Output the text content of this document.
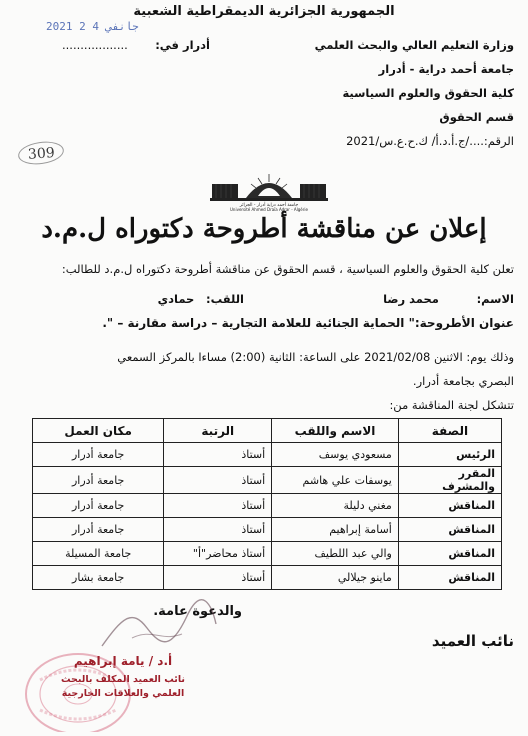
الجمهورية الجزائرية الديمقراطية الشعبية
2021 2 4 جانفي
وزارة التعليم العالي والبحث العلمي
أدرار في:
..................
جامعة أحمد دراية - أدرار
كلية الحقوق والعلوم السياسية
قسم الحقوق
الرقم:..../ج.أ.د.أ/ ك.ح.ع.س/2021
309
جامعة أحمد دراية أدرار - الجزائر
Université Ahmed Draïa Adrar - Algérie
إعلان عن مناقشة أطروحة دكتوراه ل.م.د
تعلن كلية الحقوق والعلوم السياسية ، قسم الحقوق عن مناقشة أطروحة دكتوراه ل.م.د للطالب:
الاسم: محمد رضا
اللقب: حمادي
عنوان الأطروحة:" الحماية الجنائية للعلامة التجارية – دراسة مقارنة – ".
وذلك يوم: الاثنين 2021/02/08 على الساعة: الثانية (2:00) مساءا بالمركز السمعي
البصري بجامعة أدرار.
تتشكل لجنة المناقشة من:
الصفة	الاسم واللقب	الرتبة	مكان العمل
الرئيس	مسعودي يوسف	أستاذ	جامعة أدرار
المقرر والمشرف	يوسفات علي هاشم	أستاذ	جامعة أدرار
المناقش	مغني دليلة	أستاذ	جامعة أدرار
المناقش	أسامة إبراهيم	أستاذ	جامعة أدرار
المناقش	والي عبد اللطيف	أستاذ محاضر"أ"	جامعة المسيلة
المناقش	ماينو جيلالي	أستاذ	جامعة بشار
والدعوة عامة.
نائب العميد
أ.د / يامة إبراهيم
نائب العميد المكلف بالبحث
العلمي والعلاقات الخارجية
